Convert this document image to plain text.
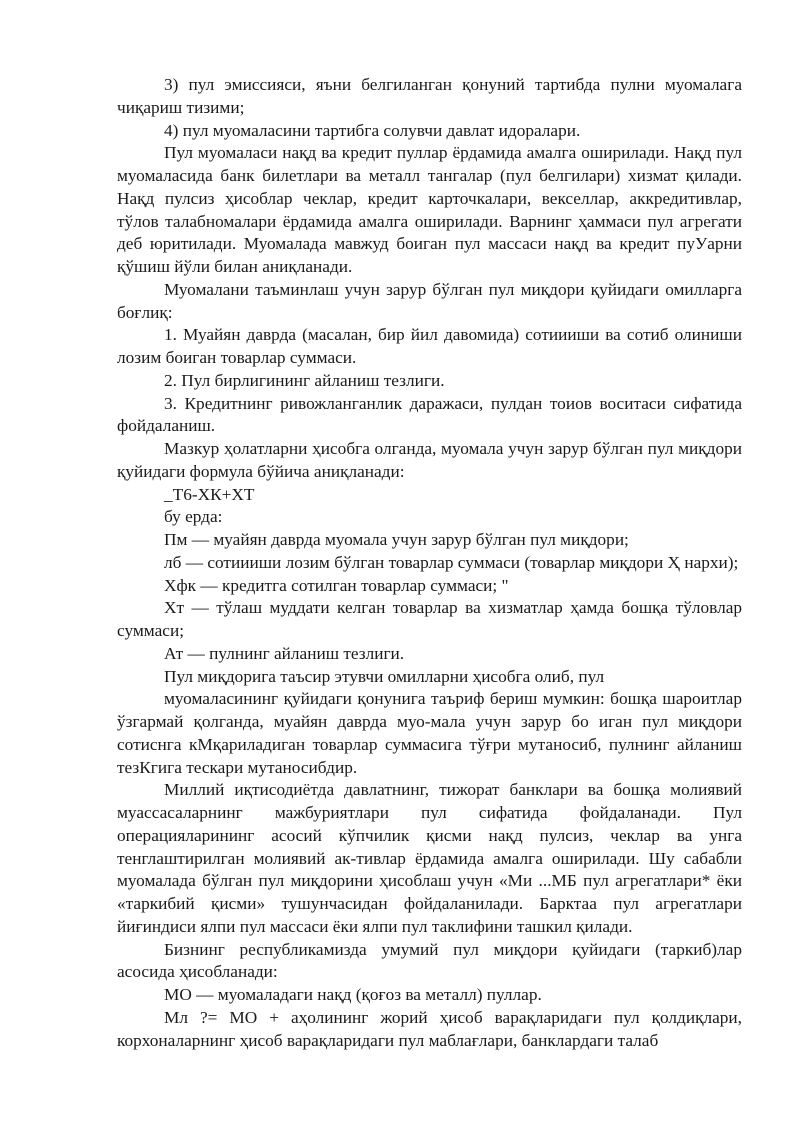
3) пул эмиссияси, яъни белгиланган қонуний тартибда пулни муомалага чиқариш тизими;

4) пул муомаласини тартибга солувчи давлат идоралари.

Пул муомаласи нақд ва кредит пуллар ёрдамида амалга оширилади. Нақд пул муомаласида банк билетлари ва металл тангалар (пул белгилари) хизмат қилади. Нақд пулсиз ҳисоблар чеклар, кредит карточкалари, векселлар, аккредитивлар, тўлов талабномалари ёрдамида амалга оширилади. Варнинг ҳаммаси пул агрегати деб юритилади. Муомалада мавжуд боиган пул массаси нақд ва кредит пуУарни қўшиш йўли билан аниқланади.

Муомалани таъминлаш учун зарур бўлган пул миқдори қуйидаги омилларга боғлиқ:

1. Муайян даврда (масалан, бир йил давомида) сотиииши ва сотиб олиниши лозим боиган товарлар суммаси.

2. Пул бирлигининг айланиш тезлиги.

3. Кредитнинг ривожланганлик даражаси, пулдан тоиов воситаси сифатида фойдаланиш.

Мазкур ҳолатларни ҳисобга олганда, муомала учун зарур бўлган пул миқдори қуйидаги формула бўйича аниқланади:

_Т6-ХК+ХТ

бу ерда:

Пм — муайян даврда муомала учун зарур бўлган пул миқдори;

лб — сотиииши лозим бўлган товарлар суммаси (товарлар миқдори Ҳ нархи);

Хфк — кредитга сотилган товарлар суммаси; "

Хт — тўлаш муддати келган товарлар ва хизматлар ҳамда бошқа тўловлар суммаси;

Ат — пулнинг айланиш тезлиги.

Пул миқдорига таъсир этувчи омилларни ҳисобга олиб, пул

муомаласининг қуйидаги қонунига таъриф бериш мумкин: бошқа шароитлар ўзгармай қолганда, муайян даврда муо-мала учун зарур бо иган пул миқдори сотиснга кМқариладиган товарлар суммасига тўғри мутаносиб, пулнинг айланиш тезКгига тескари мутаносибдир.

Миллий иқтисодиётда давлатнинг, тижорат банклари ва бошқа молиявий муассасаларнинг мажбуриятлари пул сифатида фойдаланади. Пул операцияларининг асосий кўпчилик қисми нақд пулсиз, чеклар ва унга тенглаштирилган молиявий ак-тивлар ёрдамида амалга оширилади. Шу сабабли муомалада бўлган пул миқдорини ҳисоблаш учун «Ми ...МБ пул агрегатлари* ёки «таркибий қисми» тушунчасидан фойдаланилади. Барктаа пул агрегатлари йиғиндиси ялпи пул массаси ёки ялпи пул таклифини ташкил қилади.

Бизнинг республикамизда умумий пул миқдори қуйидаги (таркиб)лар асосида ҳисобланади:

МО — муомаладаги нақд (қоғоз ва металл) пуллар.

Мл ?= МО + аҳолининг жорий ҳисоб варақларидаги пул қолдиқлари, корхоналарнинг ҳисоб варақларидаги пул маблағлари, банклардаги талаб
